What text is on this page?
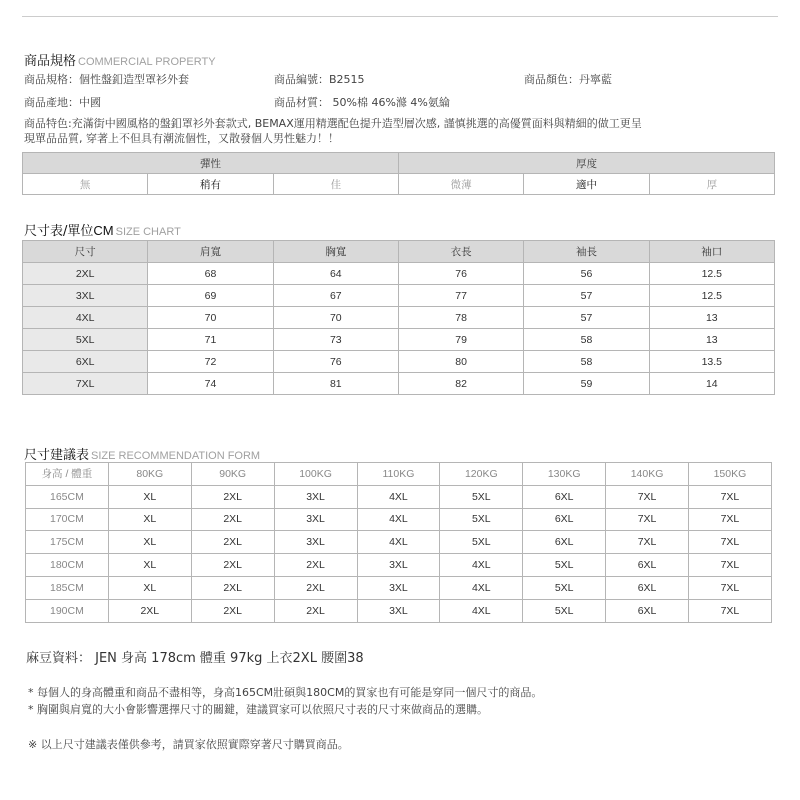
商品規格 COMMERCIAL PROPERTY
商品規格：個性盤釦造型罩衫外套	商品編號：B2515	商品顏色：丹寧藍
商品產地：中國	商品材質： 50%棉 46%滌 4%氨綸
商品特色:充滿街中國風格的盤釦罩衫外套款式, BEMAX運用精選配色提升造型層次感, 謹慎挑選的高優質面料與精細的做工更呈
現單品品質, 穿著上不但具有潮流個性，又散發個人男性魅力！！
彈性			厚度		
無	稍有	佳	微薄	適中	厚
尺寸表/單位CM SIZE CHART
尺寸	肩寬	胸寬	衣長	袖長	袖口
2XL	68	64	76	56	12.5
3XL	69	67	77	57	12.5
4XL	70	70	78	57	13
5XL	71	73	79	58	13
6XL	72	76	80	58	13.5
7XL	74	81	82	59	14
尺寸建議表 SIZE RECOMMENDATION FORM
身高 / 體重	80KG	90KG	100KG	110KG	120KG	130KG	140KG	150KG
165CM	XL	2XL	3XL	4XL	5XL	6XL	7XL	7XL
170CM	XL	2XL	3XL	4XL	5XL	6XL	7XL	7XL
175CM	XL	2XL	3XL	4XL	5XL	6XL	7XL	7XL
180CM	XL	2XL	2XL	3XL	4XL	5XL	6XL	7XL
185CM	XL	2XL	2XL	3XL	4XL	5XL	6XL	7XL
190CM	2XL	2XL	2XL	3XL	4XL	5XL	6XL	7XL
麻豆資料： JEN 身高 178cm 體重 97kg 上衣2XL 腰圍38
* 每個人的身高體重和商品不盡相等，身高165CM壯碩與180CM的買家也有可能是穿同一個尺寸的商品。
* 胸圍與肩寬的大小會影響選擇尺寸的關鍵，建議買家可以依照尺寸表的尺寸來做商品的選購。
※ 以上尺寸建議表僅供參考，請買家依照實際穿著尺寸購買商品。
